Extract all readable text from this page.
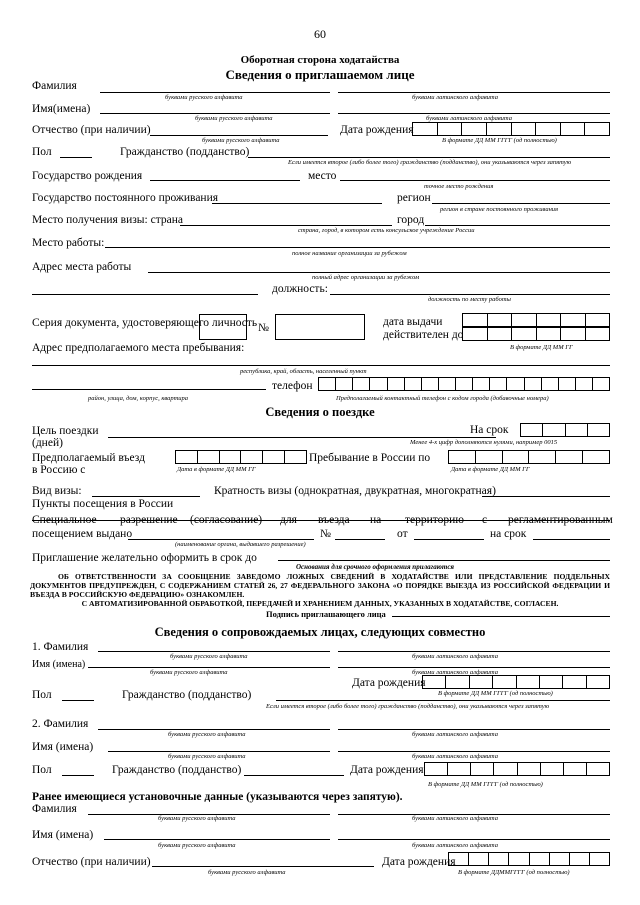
60
Оборотная сторона ходатайства
Сведения о приглашаемом лице
Фамилия
буквами русского алфавита	буквами латинского алфавита
Имя(имена)
буквами русского алфавита	буквами латинского алфавита
Отчество (при наличии)	Дата рождения
буквами русского алфавита	В формате ДД ММ ГГГГ (од полностью)
Пол	Гражданство (подданство)
Если имеется второе (либо более того) гражданство (подданство), они указываются через запятую
Государство рождения	место
точное место рождения
Государство постоянного проживания	регион
регион в стране постоянного проживания
Место получения визы: страна	город
страна, город, в котором есть консульское учреждение России
Место работы:
полное название организации за рубежом
Адрес места работы
полный адрес организации за рубежом
должность:
должность по месту работы
Серия документа, удостоверяющего личность №	дата выдачи
действителен до
В формате ДД ММ ГГ
Адрес предполагаемого места пребывания:
республика, край, область, населенный пункт
телефон
район, улица, дом, корпус, квартира	Предполагаемый контактный телефон с кодом города (добавочные номера)
Сведения о поездке
Цель поездки
(дней)
На срок
Менее 4-х цифр дополняются нулями, например 0015
Предполагаемый въезд
в Россию с
Пребывание в России по
Дата в формате ДД ММ ГГ	Дата в формате ДД ММ ГГ
Вид визы:	Кратность визы (однократная, двукратная, многократная)
Пункты посещения в России
Специальное разрешение (согласование) для въезда на территорию с регламентированным
посещением выдано	№	от	на срок
(наименование органа, выдавшего разрешение)
Приглашение желательно оформить в срок до
Основания для срочного оформления прилагаются
ОБ ОТВЕТСТВЕННОСТИ ЗА СООБЩЕНИЕ ЗАВЕДОМО ЛОЖНЫХ СВЕДЕНИЙ В ХОДАТАЙСТВЕ ИЛИ ПРЕДСТАВЛЕНИЕ ПОДДЕЛЬНЫХ ДОКУМЕНТОВ ПРЕДУПРЕЖДЕН, С СОДЕРЖАНИЕМ СТАТЕЙ 26, 27 ФЕДЕРАЛЬНОГО ЗАКОНА «О ПОРЯДКЕ ВЫЕЗДА ИЗ РОССИЙСКОЙ ФЕДЕРАЦИИ И ВЪЕЗДА В РОССИЙСКУЮ ФЕДЕРАЦИЮ» ОЗНАКОМЛЕН.
С АВТОМАТИЗИРОВАННОЙ ОБРАБОТКОЙ, ПЕРЕДАЧЕЙ И ХРАНЕНИЕМ ДАННЫХ, УКАЗАННЫХ В ХОДАТАЙСТВЕ, СОГЛАСЕН.
Подпись приглашающего лица
Сведения о сопровождаемых лицах, следующих совместно
1. Фамилия
буквами русского алфавита	буквами латинского алфавита
Имя (имена)
буквами русского алфавита	буквами латинского алфавита
Дата рождения
В формате ДД ММ ГГГГ (од полностью)
Пол	Гражданство (подданство)
Если имеется второе (либо более того) гражданство (подданство), они указываются через запятую
2. Фамилия
буквами русского алфавита	буквами латинского алфавита
Имя (имена)
буквами русского алфавита	буквами латинского алфавита
Пол	Гражданство (подданство)	Дата рождения
В формате ДД ММ ГГГГ (од полностью)
Ранее имеющиеся установочные данные (указываются через запятую).
Фамилия
буквами русского алфавита	буквами латинского алфавита
Имя (имена)
буквами русского алфавита	буквами латинского алфавита
Отчество (при наличии)	Дата рождения
буквами русского алфавита	В формате ДДММГГГГ (од полностью)
